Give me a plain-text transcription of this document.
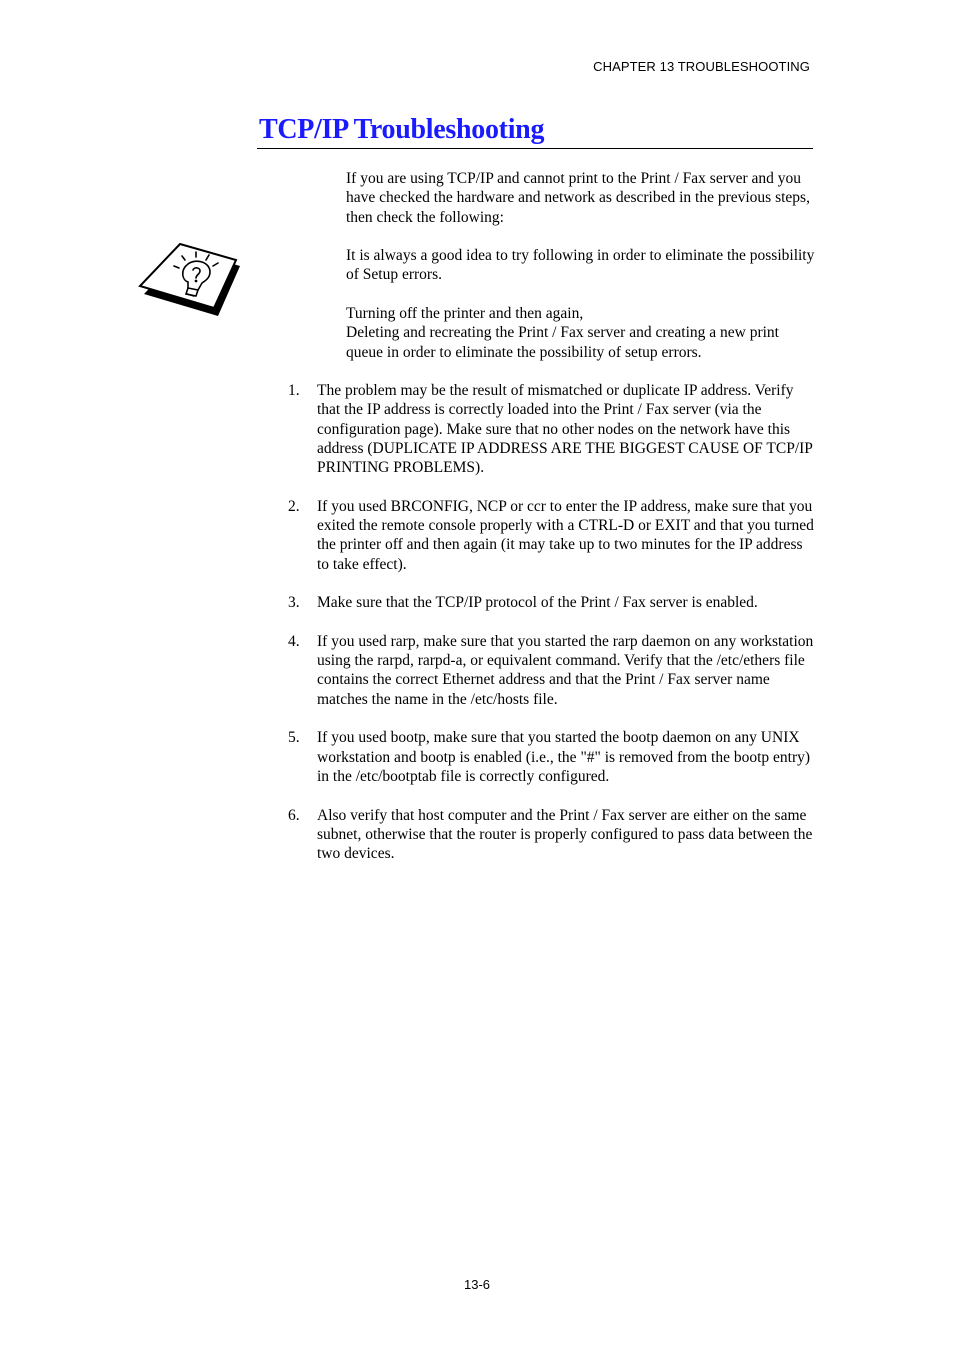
CHAPTER 13 TROUBLESHOOTING
TCP/IP Troubleshooting

If you are using TCP/IP and cannot print to the Print / Fax server and you have checked the hardware and network as described in the previous steps, then check the following:

It is always a good idea to try following in order to eliminate the possibility of Setup errors.

Turning off the printer and then again,
Deleting and recreating the Print / Fax server and creating a new print queue in order to eliminate the possibility of setup errors.

1. The problem may be the result of mismatched or duplicate IP address. Verify that the IP address is correctly loaded into the Print / Fax server (via the configuration page). Make sure that no other nodes on the network have this address (DUPLICATE IP ADDRESS ARE THE BIGGEST CAUSE OF TCP/IP PRINTING PROBLEMS).
2. If you used BRCONFIG, NCP or ccr to enter the IP address, make sure that you exited the remote console properly with a CTRL-D or EXIT and that you turned the printer off and then again (it may take up to two minutes for the IP address to take effect).
3. Make sure that the TCP/IP protocol of the Print / Fax server is enabled.
4. If you used rarp, make sure that you started the rarp daemon on any workstation using the rarpd, rarpd-a, or equivalent command. Verify that the /etc/ethers file contains the correct Ethernet address and that the Print / Fax server name matches the name in the /etc/hosts file.
5. If you used bootp, make sure that you started the bootp daemon on any UNIX workstation and bootp is enabled (i.e., the "#" is removed from the bootp entry) in the /etc/bootptab file is correctly configured.
6. Also verify that host computer and the Print / Fax server are either on the same subnet, otherwise that the router is properly configured to pass data between the two devices.
13-6
